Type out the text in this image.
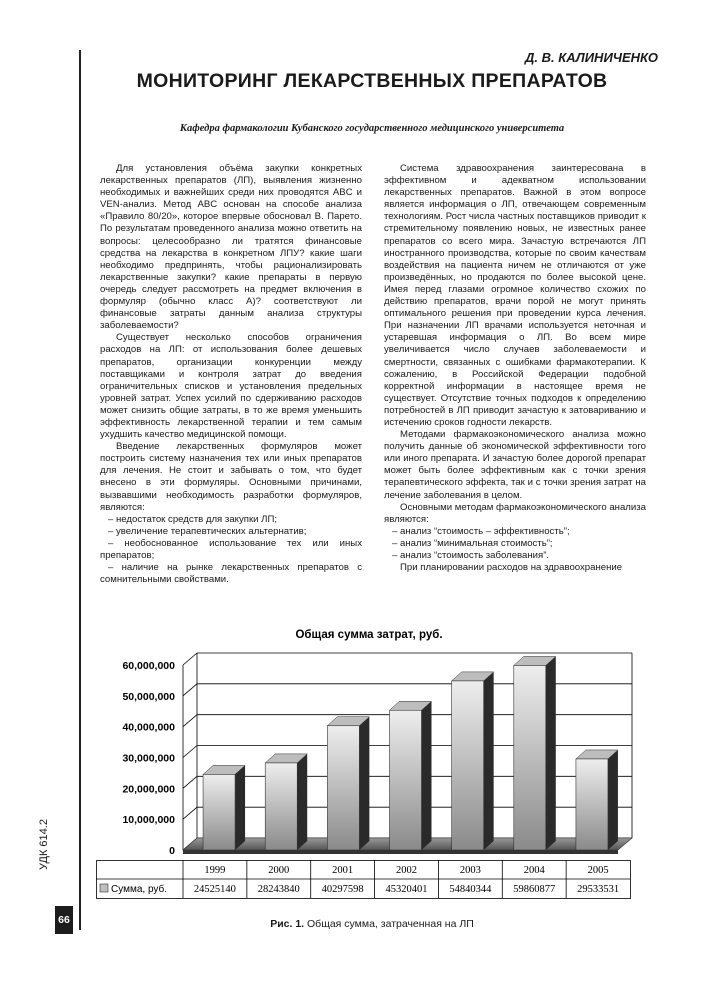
Д. В. КАЛИНИЧЕНКО
МОНИТОРИНГ ЛЕКАРСТВЕННЫХ ПРЕПАРАТОВ
Кафедра фармакологии Кубанского государственного медицинского университета

Для установления объёма закупки конкретных лекарственных препаратов (ЛП), выявления жизненно необходимых и важнейших среди них проводятся ABC и VEN-анализ. Метод ABC основан на способе анализа «Правило 80/20», которое впервые обосновал В. Парето. По результатам проведенного анализа можно ответить на вопросы: целесообразно ли тратятся финансовые средства на лекарства в конкретном ЛПУ? какие шаги необходимо предпринять, чтобы рационализировать лекарственные закупки? какие препараты в первую очередь следует рассмотреть на предмет включения в формуляр (обычно класс А)? соответствуют ли финансовые затраты данным анализа структуры заболеваемости?

Существует несколько способов ограничения расходов на ЛП: от использования более дешевых препаратов, организации конкуренции между поставщиками и контроля затрат до введения ограничительных списков и установления предельных уровней затрат. Успех усилий по сдерживанию расходов может снизить общие затраты, в то же время уменьшить эффективность лекарственной терапии и тем самым ухудшить качество медицинской помощи.

Введение лекарственных формуляров может построить систему назначения тех или иных препаратов для лечения. Не стоит и забывать о том, что будет внесено в эти формуляры. Основными причинами, вызвавшими необходимость разработки формуляров, являются:

– недостаток средств для закупки ЛП;

– увеличение терапевтических альтернатив;

– необоснованное использование тех или иных препаратов;

– наличие на рынке лекарственных препаратов с сомнительными свойствами.

Система здравоохранения заинтересована в эффективном и адекватном использовании лекарственных препаратов. Важной в этом вопросе является информация о ЛП, отвечающем современным технологиям. Рост числа частных поставщиков приводит к стремительному появлению новых, не известных ранее препаратов со всего мира. Зачастую встречаются ЛП иностранного производства, которые по своим качествам воздействия на пациента ничем не отличаются от уже произведённых, но продаются по более высокой цене. Имея перед глазами огромное количество схожих по действию препаратов, врачи порой не могут принять оптимального решения при проведении курса лечения. При назначении ЛП врачами используется неточная и устаревшая информация о ЛП. Во всем мире увеличивается число случаев заболеваемости и смертности, связанных с ошибками фармакотерапии. К сожалению, в Российской Федерации подобной корректной информации в настоящее время не существует. Отсутствие точных подходов к определению потребностей в ЛП приводит зачастую к затовариванию и истечению сроков годности лекарств.

Методами фармакоэкономического анализа можно получить данные об экономической эффективности того или иного препарата. И зачастую более дорогой препарат может быть более эффективным как с точки зрения терапевтического эффекта, так и с точки зрения затрат на лечение заболевания в целом.

Основными методам фармакоэкономического анализа являются:

– анализ “стоимость – эффективность”;

– анализ “минимальная стоимость”;

– анализ “стоимость заболевания”.

При планировании расходов на здравоохранение

Общая сумма затрат, руб.
0
10,000,000
20,000,000
30,000,000
40,000,000
50,000,000
60,000,000
1999
24525140
2000
28243840
2001
40297598
2002
45320401
2003
54840344
2004
59860877
2005
29533531
Сумма, руб.
Рис. 1. Общая сумма, затраченная на ЛП
УДК 614.2
66
